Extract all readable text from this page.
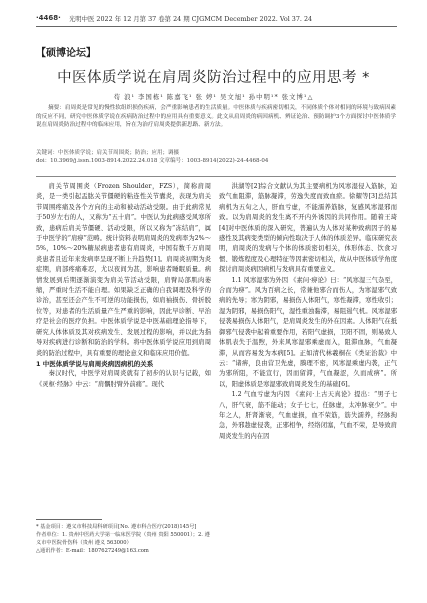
·4468· 光明中医 2022 年 12 月第 37 卷第 24 期 CJGMCM December 2022. Vol 37. 24
【硕博论坛】
中医体质学说在肩周炎防治过程中的应用思考 *
苟 浪¹ 李国栋¹ 陈嘉飞¹ 张 婷¹ 吴文旭¹ 孙中明¹* 张文博¹△

摘要：肩周炎是常见的慢性软组织损伤疾病，会严重影响患者的生活质量。中医体质与疾病密切相关，不同体质个体对相同的环境与致病因素的反应不同，研究中医体质学说在疾病防治过程中的应用具有重要意义。此文从肩周炎的病因病机、辨证论治、预防调护3个方面探讨中医体质学说在肩周炎防治过程中的临床应用，旨在为治疗肩周炎提供新思路、新方法。

关键词：中医体质学说；肩关节周围炎；防治；应用；调摄
doi：10.3969/j.issn.1003-8914.2022.24.018 文章编号：1003-8914(2022)-24-4468-04

肩关节周围炎（Frozen Shoulder，FZS），简称肩周炎，是一类引起盂肱关节僵硬的粘连性关节囊炎，表现为肩关节周围疼痛及各个方向的主动和被动活动受限。由于此病常见于50岁左右的人，又称为“五十肩”。中医认为此病感受风寒所致，患病后肩关节僵硬、活动受限，所以又称为“冻结肩”，属于中医学的“肩痹”范畴。统计资料表明肩周炎的发病率为2%～5%，10%～20%糖尿病患者患有肩周炎，中国有数千万肩周炎患者且近年来发病率呈现不断上升趋势[1]。肩周炎初期为炎症期，肩部疼痛难忍，尤以夜间为甚，影响患者睡眠质量。病情发展到后期逐渐演变为肩关节活动受限，肩臂局部肌肉萎缩，严重时生活不能自理。如果缺乏正确的自我调理及科学的诊治，甚至还会产生不可逆的功能损伤，如肩袖损伤、骨折脱位等，对患者的生活质量产生严重的影响，因此早诊断、早治疗是社会的医疗负担。中医体质学说是中医基础理论指导下，研究人体体质及其对疾病发生、发展过程的影响，并以此为指导对疾病进行诊断和防治的学科。将中医体质学说应用到肩周炎的防治过程中，具有重要的理论意义和临床应用价值。

1 中医体质学说与肩周炎病因病机的关系

秦汉时代，中医学对肩周炎就有了初步的认识与记载，如《灵枢·经脉》中云：“肩髃肘臂外前痛”。现代

洪湖等[2]综合文献认为其主要病机为风寒湿侵入筋脉，迫致气血阻滞，筋脉凝滞，劳逸失度而致血瘀。徐耀等[3]总结其病机为五旬之人，肝血亏虚，不能濡养筋脉，复感风寒湿邪而致。以为肩周炎的发生离不开内外诱因的共同作用。随着王琦[4]对中医体质的深入研究，普遍认为人体对某种致病因子的易感性及其病变类型的倾向性取决于人体的体质差异。临床研究表明，肩周炎的发病与个体的体质密切相关，体形体态、饮食习惯、锻炼程度及心理特征等因素密切相关，故从中医体质学角度探讨肩周炎病因病机与发病具有重要意义。

1.1 风寒湿邪为外因 《素问·痹论》曰：“风寒湿三气杂至，合而为痹”。风为百病之长，常兼他邪合而伤人，为寒湿邪气致病的先导；寒为阴邪，易损伤人体阳气，寒性凝滞，寒性收引；湿为阴邪，易损伤阳气，湿性重浊黏滞，易阻遏气机。风寒湿邪侵袭易损伤人体阳气，是肩周炎发生的外在因素。人体阳气在抵御邪气侵袭中起着重要作用，若阳气虚损，卫阳不固，则易致人体肌表失于温煦，外来风寒湿邪乘虚而入，阻滞血脉，气血凝滞，从而容易发为本病[5]。正如清代林羲桐在《类证治裁》中云：“诸痹，良由营卫先虚，腠理不密，风寒湿乘虚内袭，正气为邪所阻，不能宣行，因而留滞，气血凝涩，久而成痹”。所以，阳虚体质是寒湿邪致肩周炎发生的基础[6]。

1.2 气血亏虚为内因 《素问·上古天真论》提出：“男子七八，肝气衰，筋不能动；女子七七，任脉虚，太冲脉衰少”。中年之人，肝肾渐衰，气血虚损，血不荣筋，筋失濡养，经脉拘急，外邪趁虚侵袭，正邪相争，经络闭塞，气血不荣，是导致肩周炎发生的内在因

* 基金项目：遵义市科技局科研项目[No. 遵市科合医疗(2018)145号]

作者单位：1. 贵州中医药大学第一临床医学院（贵州 贵阳 550001）；2. 遵义市中医院骨伤科（贵州 遵义 563000）

△通讯作者：E-mail：1807627249@163.com
